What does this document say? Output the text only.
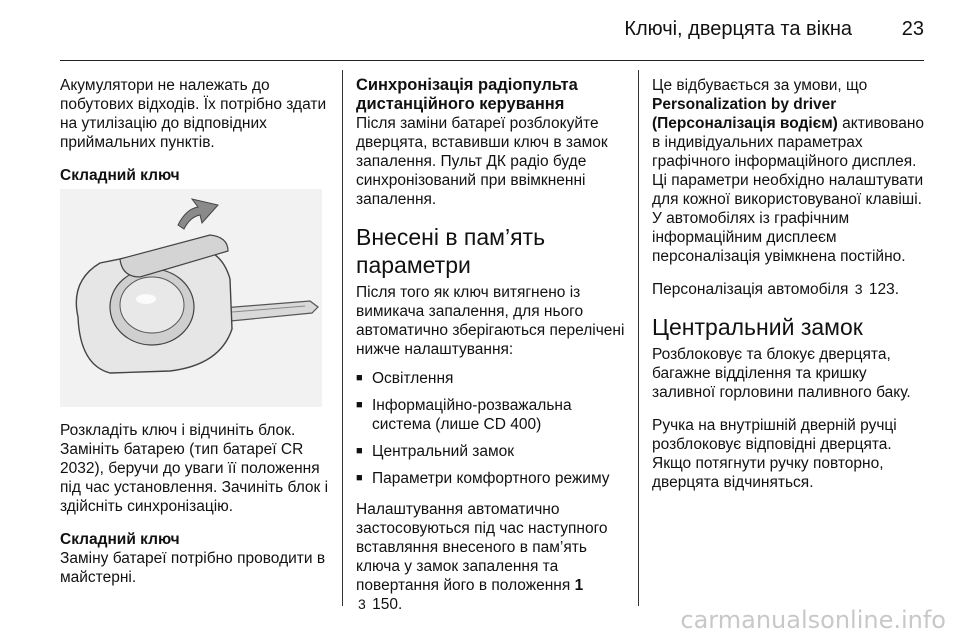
Ключі, дверцята та вікна 23

Акумулятори не належать до побутових відходів. Їх потрібно здати на утилізацію до відповідних приймальних пунктів.

Складний ключ

Розкладіть ключ і відчиніть блок. Замініть батарею (тип батареї CR 2032), беручи до уваги її положення під час установлення. Зачиніть блок і здійсніть синхронізацію.

Складний ключ

Заміну батареї потрібно проводити в майстерні.

Синхронізація радіопульта дистанційного керування

Після заміни батареї розблокуйте дверцята, вставивши ключ в замок запалення. Пульт ДК радіо буде синхронізований при ввімкненні запалення.

Внесені в пам’ять параметри

Після того як ключ витягнено із вимикача запалення, для нього автоматично зберігаються перелічені нижче налаштування:

■ Освітлення
■ Інформаційно-розважальна система (лише CD 400)
■ Центральний замок
■ Параметри комфортного режиму

Налаштування автоматично застосовуються під час наступного вставляння внесеного в пам’ять ключа у замок запалення та повертання його в положення 1
3 150.

Це відбувається за умови, що Personalization by driver (Персоналізація водієм) активовано в індивідуальних параметрах графічного інформаційного дисплея. Ці параметри необхідно налаштувати для кожної використовуваної клавіші. У автомобілях із графічним інформаційним дисплеєм персоналізація увімкнена постійно.

Персоналізація автомобіля 3 123.

Центральний замок

Розблоковує та блокує дверцята, багажне відділення та кришку заливної горловини паливного баку.

Ручка на внутрішній дверній ручці розблоковує відповідні дверцята. Якщо потягнути ручку повторно, дверцята відчиняться.

carmanualsonline.info
